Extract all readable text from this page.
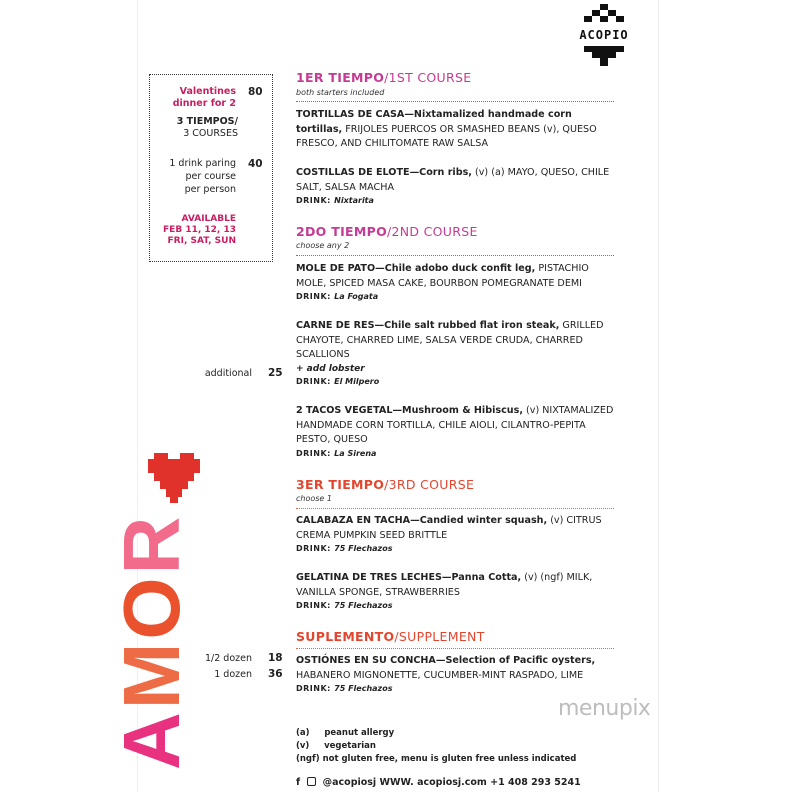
ACOPIO
Valentines dinner for 2
80
3 TIEMPOS/
3 COURSES
1 drink paring 40
per course
per person
AVAILABLE
FEB 11, 12, 13
FRI, SAT, SUN
1ER TIEMPO/1ST COURSE
both starters included
TORTILLAS DE CASA—Nixtamalized handmade corn tortillas, FRIJOLES PUERCOS OR SMASHED BEANS (v), QUESO FRESCO, AND CHILITOMATE RAW SALSA
COSTILLAS DE ELOTE—Corn ribs, (v) (a) MAYO, QUESO, CHILE SALT, SALSA MACHA
DRINK: Nixtarita
2DO TIEMPO/2ND COURSE
choose any 2
MOLE DE PATO—Chile adobo duck confit leg, PISTACHIO MOLE, SPICED MASA CAKE, BOURBON POMEGRANATE DEMI
DRINK: La Fogata
CARNE DE RES—Chile salt rubbed flat iron steak, GRILLED CHAYOTE, CHARRED LIME, SALSA VERDE CRUDA, CHARRED SCALLIONS
+ add lobster
DRINK: El Milpero
additional 25
2 TACOS VEGETAL—Mushroom & Hibiscus, (v) NIXTAMALIZED HANDMADE CORN TORTILLA, CHILE AIOLI, CILANTRO-PEPITA PESTO, QUESO
DRINK: La Sirena
3ER TIEMPO/3RD COURSE
choose 1
CALABAZA EN TACHA—Candied winter squash, (v) CITRUS CREMA PUMPKIN SEED BRITTLE
DRINK: 75 Flechazos
GELATINA DE TRES LECHES—Panna Cotta, (v) (ngf) MILK, VANILLA SPONGE, STRAWBERRIES
DRINK: 75 Flechazos
SUPLEMENTO/SUPPLEMENT
OSTIÓNES EN SU CONCHA—Selection of Pacific oysters, HABANERO MIGNONETTE, CUCUMBER-MINT RASPADO, LIME
DRINK: 75 Flechazos
1/2 dozen 18
1 dozen 36
(a) peanut allergy
(v) vegetarian
(ngf) not gluten free, menu is gluten free unless indicated
f @acopiosj WWW. acopiosj.com +1 408 293 5241
AMOR
menupix
